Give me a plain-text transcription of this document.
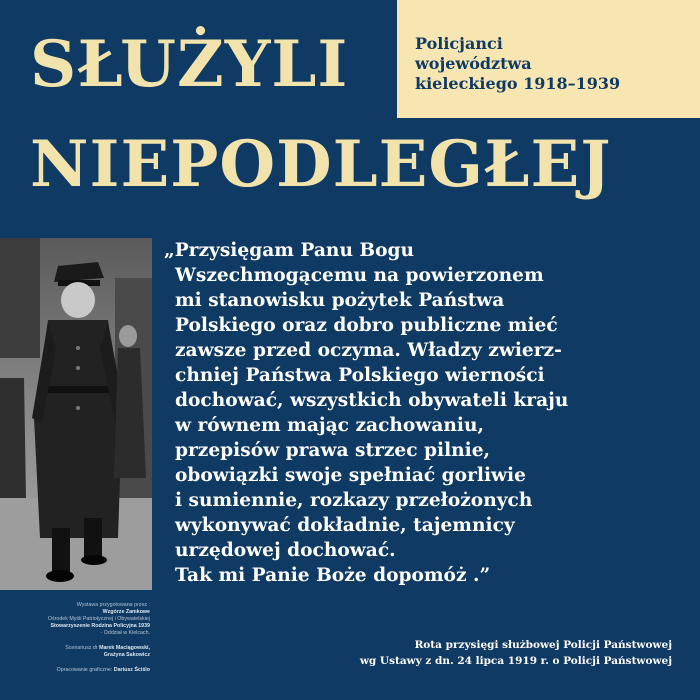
SŁUŻYLI
NIEPODLEGŁEJ
Policjanci
województwa
kieleckiego 1918–1939
Wystawa przygotowana przez :
Wzgórze Zamkowe
Ośrodek Myśli Patriotycznej i Obywatelskiej
Stowarzyszenie Rodzina Policyjna 1939
- Oddział w Kielcach.
Scenariusz dr Marek Maciągowski,
Grażyna Sakowicz
Opracowanie graficzne: Dariusz Ściślo
„Przysięgam Panu Bogu
Wszechmogącemu na powierzonem
mi stanowisku pożytek Państwa
Polskiego oraz dobro publiczne mieć
zawsze przed oczyma. Władzy zwierz-
chniej Państwa Polskiego wierności
dochować, wszystkich obywateli kraju
w równem mając zachowaniu,
przepisów prawa strzec pilnie,
obowiązki swoje spełniać gorliwie
i sumiennie, rozkazy przełożonych
wykonywać dokładnie, tajemnicy
urzędowej dochować.
Tak mi Panie Boże dopomóż .”
Rota przysięgi służbowej Policji Państwowej
wg Ustawy z dn. 24 lipca 1919 r. o Policji Państwowej
